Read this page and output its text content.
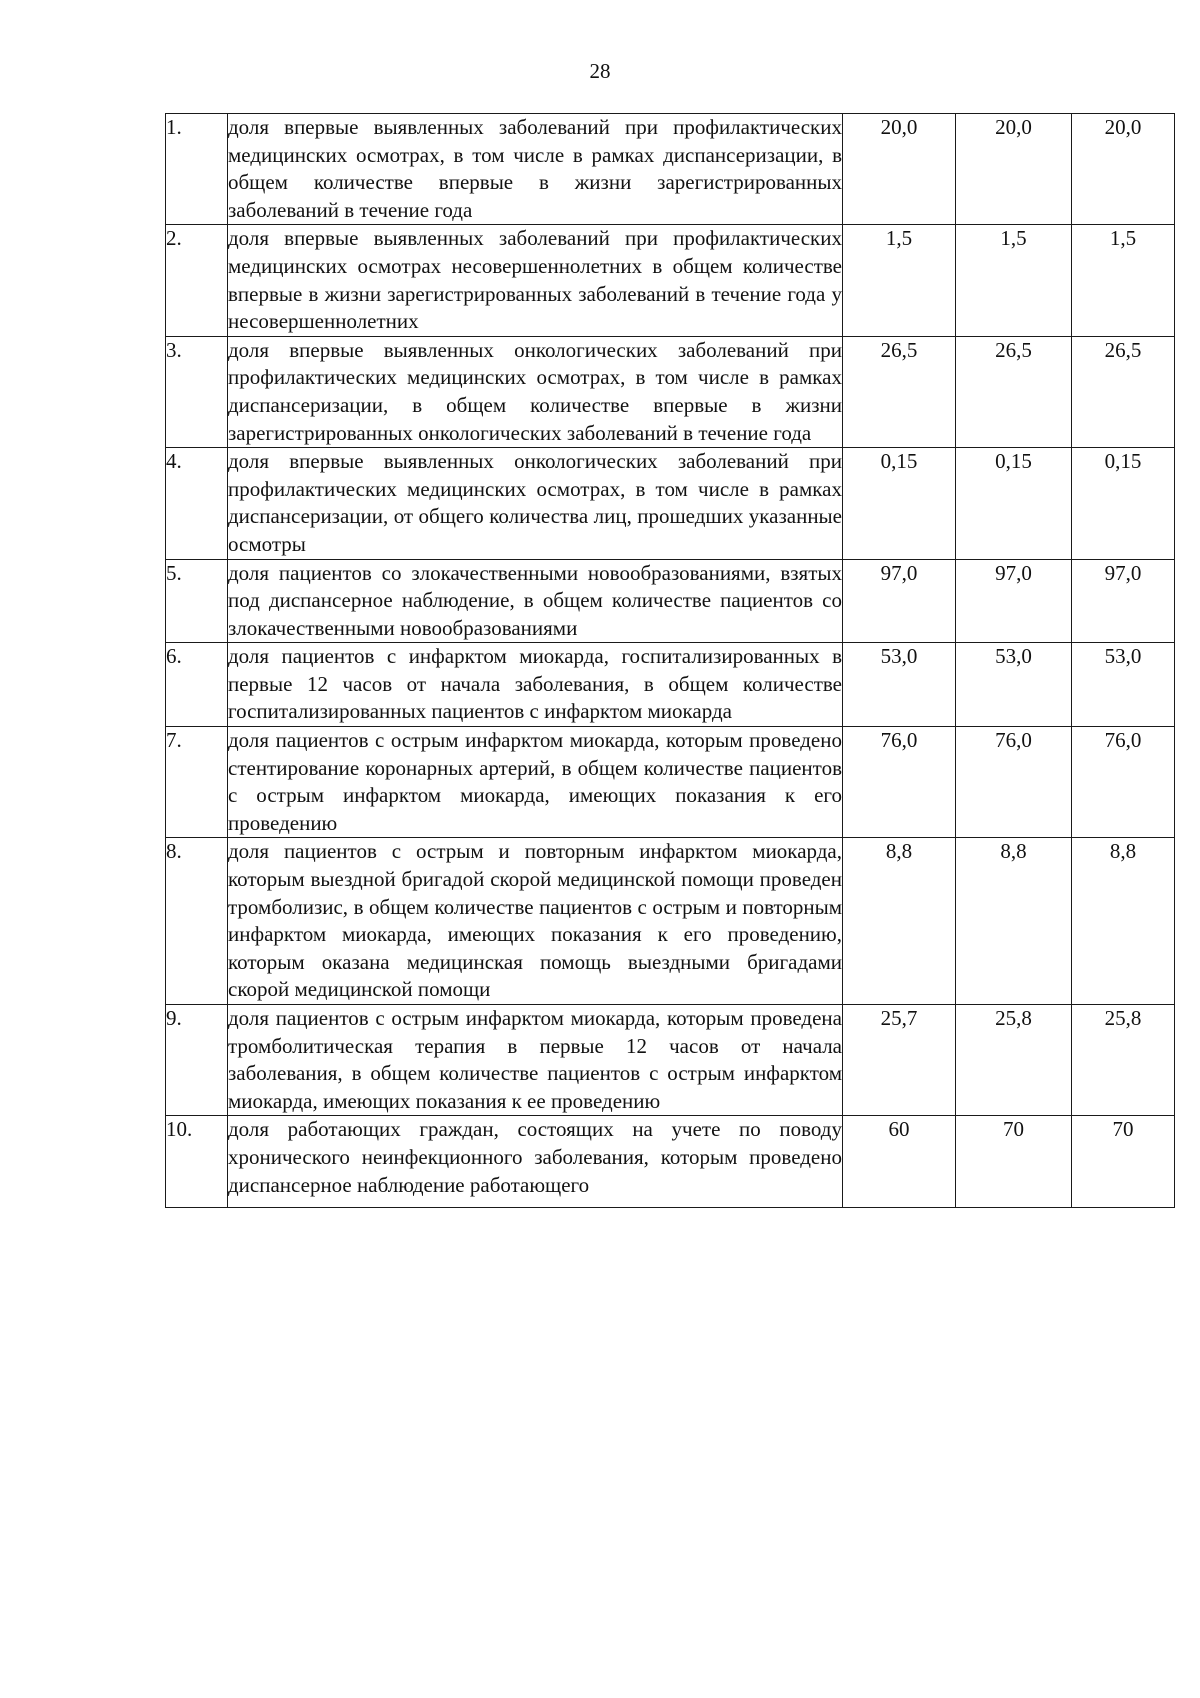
28
1.	доля впервые выявленных заболеваний при профилактических медицинских осмотрах, в том числе в рамках диспансеризации, в общем количестве впервые в жизни зарегистрированных заболеваний в течение года	20,0	20,0	20,0
2.	доля впервые выявленных заболеваний при профилактических медицинских осмотрах несовершеннолетних в общем количестве впервые в жизни зарегистрированных заболеваний в течение года у несовершеннолетних	1,5	1,5	1,5
3.	доля впервые выявленных онкологических заболеваний при профилактических медицинских осмотрах, в том числе в рамках диспансеризации, в общем количестве впервые в жизни зарегистрированных онкологических заболеваний в течение года	26,5	26,5	26,5
4.	доля впервые выявленных онкологических заболеваний при профилактических медицинских осмотрах, в том числе в рамках диспансеризации, от общего количества лиц, прошедших указанные осмотры	0,15	0,15	0,15
5.	доля пациентов со злокачественными новообразованиями, взятых под диспансерное наблюдение, в общем количестве пациентов со злокачественными новообразованиями	97,0	97,0	97,0
6.	доля пациентов с инфарктом миокарда, госпитализированных в первые 12 часов от начала заболевания, в общем количестве госпитализированных пациентов с инфарктом миокарда	53,0	53,0	53,0
7.	доля пациентов с острым инфарктом миокарда, которым проведено стентирование коронарных артерий, в общем количестве пациентов с острым инфарктом миокарда, имеющих показания к его проведению	76,0	76,0	76,0
8.	доля пациентов с острым и повторным инфарктом миокарда, которым выездной бригадой скорой медицинской помощи проведен тромболизис, в общем количестве пациентов с острым и повторным инфарктом миокарда, имеющих показания к его проведению, которым оказана медицинская помощь выездными бригадами скорой медицинской помощи	8,8	8,8	8,8
9.	доля пациентов с острым инфарктом миокарда, которым проведена тромболитическая терапия в первые 12 часов от начала заболевания, в общем количестве пациентов с острым инфарктом миокарда, имеющих показания к ее проведению	25,7	25,8	25,8
10.	доля работающих граждан, состоящих на учете по поводу хронического неинфекционного заболевания, которым проведено диспансерное наблюдение работающего	60	70	70
